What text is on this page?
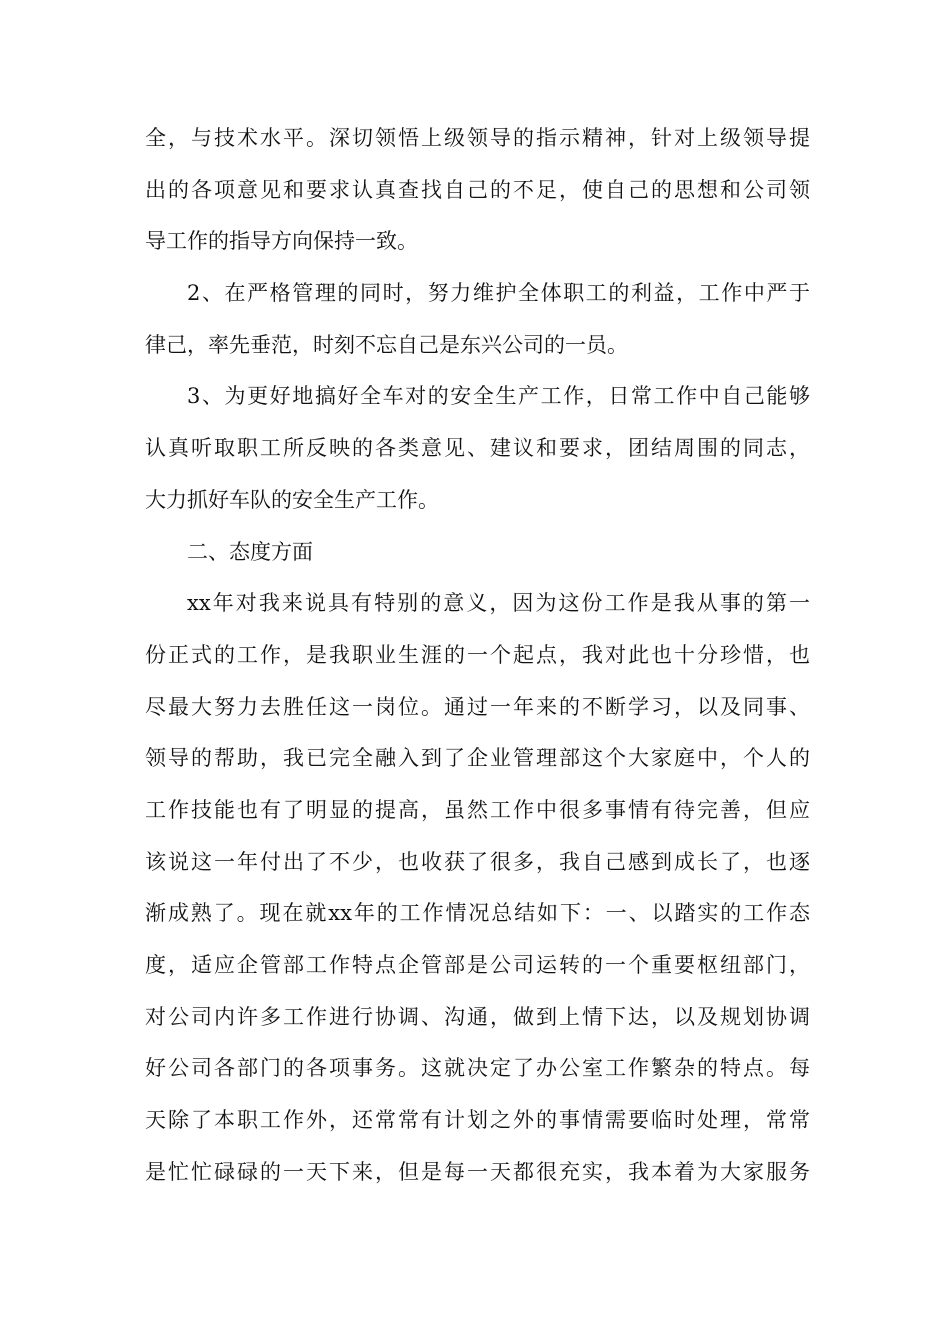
全，与技术水平。深切领悟上级领导的指示精神，针对上级领导提
出的各项意见和要求认真查找自己的不足，使自己的思想和公司领
导工作的指导方向保持一致。
2、在严格管理的同时，努力维护全体职工的利益，工作中严于
律己，率先垂范，时刻不忘自己是东兴公司的一员。
3、为更好地搞好全车对的安全生产工作，日常工作中自己能够
认真听取职工所反映的各类意见、建议和要求，团结周围的同志，
大力抓好车队的安全生产工作。
二、态度方面
xx年对我来说具有特别的意义，因为这份工作是我从事的第一
份正式的工作，是我职业生涯的一个起点，我对此也十分珍惜，也
尽最大努力去胜任这一岗位。通过一年来的不断学习，以及同事、
领导的帮助，我已完全融入到了企业管理部这个大家庭中，个人的
工作技能也有了明显的提高，虽然工作中很多事情有待完善，但应
该说这一年付出了不少，也收获了很多，我自己感到成长了，也逐
渐成熟了。现在就xx年的工作情况总结如下：一、以踏实的工作态
度，适应企管部工作特点企管部是公司运转的一个重要枢纽部门，
对公司内许多工作进行协调、沟通，做到上情下达，以及规划协调
好公司各部门的各项事务。这就决定了办公室工作繁杂的特点。每
天除了本职工作外，还常常有计划之外的事情需要临时处理，常常
是忙忙碌碌的一天下来，但是每一天都很充实，我本着为大家服务
